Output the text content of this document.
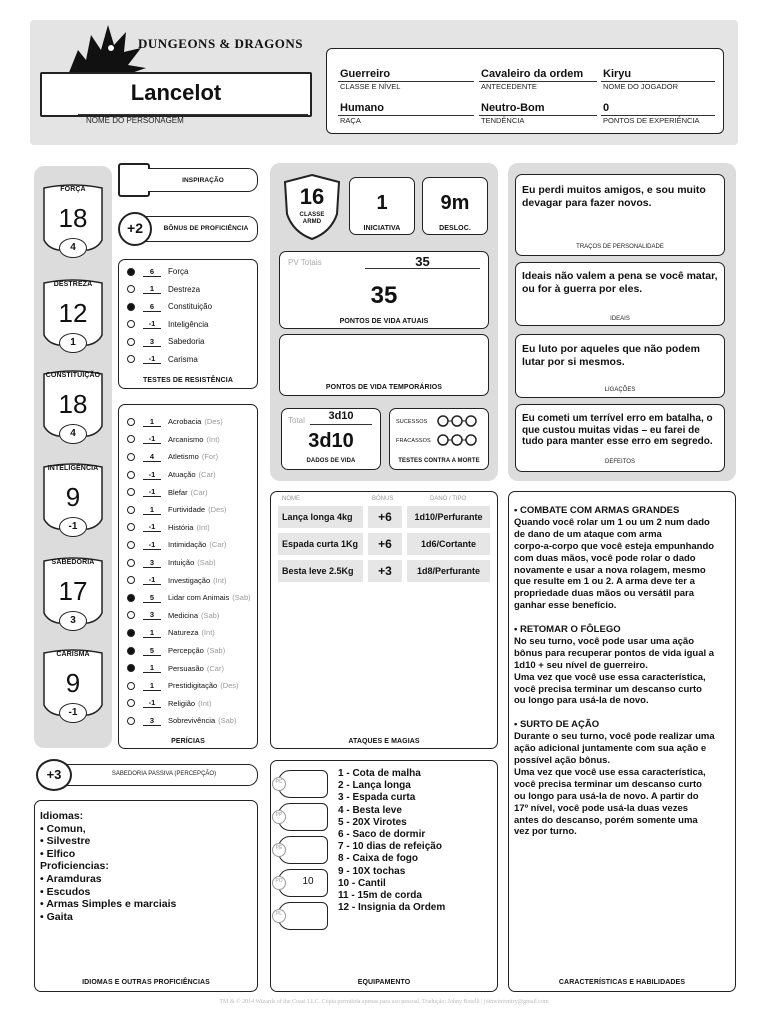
DUNGEONS & DRAGONS
Lancelot
NOME DO PERSONAGEM
Guerreiro
CLASSE E NÍVEL
Cavaleiro da ordem
ANTECEDENTE
Kiryu
NOME DO JOGADOR
Humano
RAÇA
Neutro-Bom
TENDÊNCIA
0
PONTOS DE EXPERIÊNCIA
FORÇA
18
4
DESTREZA
12
1
CONSTITUIÇÃO
18
4
INTELIGÊNCIA
9
-1
SABEDORIA
17
3
CARISMA
9
-1
INSPIRAÇÃO
+2	BÔNUS DE PROFICIÊNCIA
6	Força
1	Destreza
6	Constituição
-1	Inteligência
3	Sabedoria
-1	Carisma
TESTES DE RESISTÊNCIA
1	Acrobacia (Des)
-1	Arcanismo (Int)
4	Atletismo (For)
-1	Atuação (Car)
-1	Blefar (Car)
1	Furtividade (Des)
-1	História (Int)
-1	Intimidação (Car)
3	Intuição (Sab)
-1	Investigação (Int)
5	Lidar com Animais (Sab)
3	Medicina (Sab)
1	Natureza (Int)
5	Percepção (Sab)
1	Persuasão (Car)
1	Prestidigitação (Des)
-1	Religião (Int)
3	Sobrevivência (Sab)
PERÍCIAS
+3	SABEDORIA PASSIVA (PERCEPÇÃO)
Idiomas:
• Comun,
• Silvestre
• Elfico
Proficiencias:
• Aramduras
• Escudos
• Armas Simples e marciais
• Gaita
IDIOMAS E OUTRAS PROFICIÊNCIAS
16
CLASSE ARMD
1
INICIATIVA
9m
DESLOC.
PV Totais	35
35
PONTOS DE VIDA ATUAIS
PONTOS DE VIDA TEMPORÁRIOS
Total	3d10
3d10
DADOS DE VIDA
SUCESSOS
FRACASSOS
TESTES CONTRA A MORTE
NOME	BÔNUS	DANO / TIPO
Lança longa 4kg	+6	1d10/Perfurante
Espada curta 1Kg	+6	1d6/Cortante
Besta leve 2.5Kg	+3	1d8/Perfurante
ATAQUES E MAGIAS
PC
PP
PE
PO	10
PL
1 - Cota de malha
2 - Lança longa
3 - Espada curta
4 - Besta leve
5 - 20X Virotes
6 - Saco de dormir
7 - 10 dias de refeição
8 - Caixa de fogo
9 - 10X tochas
10 - Cantil
11 - 15m de corda
12 - Insignia da Ordem
EQUIPAMENTO
Eu perdi muitos amigos, e sou muito devagar para fazer novos.
TRAÇOS DE PERSONALIDADE
Ideais não valem a pena se você matar, ou for à guerra por eles.
IDEAIS
Eu luto por aqueles que não podem lutar por si mesmos.
LIGAÇÕES
Eu cometi um terrível erro em batalha, o que custou muitas vidas – eu farei de tudo para manter esse erro em segredo.
DEFEITOS
• COMBATE COM ARMAS GRANDES
Quando você rolar um 1 ou um 2 num dado
de dano de um ataque com arma
corpo-a-corpo que você esteja empunhando
com duas mãos, você pode rolar o dado
novamente e usar a nova rolagem, mesmo
que resulte em 1 ou 2. A arma deve ter a
propriedade duas mãos ou versátil para
ganhar esse benefício.
• RETOMAR O FÔLEGO
No seu turno, você pode usar uma ação
bônus para recuperar pontos de vida igual a
1d10 + seu nível de guerreiro.
Uma vez que você use essa característica,
você precisa terminar um descanso curto
ou longo para usá-la de novo.
• SURTO DE AÇÃO
Durante o seu turno, você pode realizar uma
ação adicional juntamente com sua ação e
possível ação bônus.
Uma vez que você use essa característica,
você precisa terminar um descanso curto
ou longo para usá-la de novo. A partir do
17º nível, você pode usá-la duas vezes
antes do descanso, porém somente uma
vez por turno.
CARACTERÍSTICAS E HABILIDADES
TM & © 2014 Wizards of the Coast LLC. Cópia permitida apenas para uso pessoal. Tradução: Johny Botelli | joinwinventry@gmail.com
